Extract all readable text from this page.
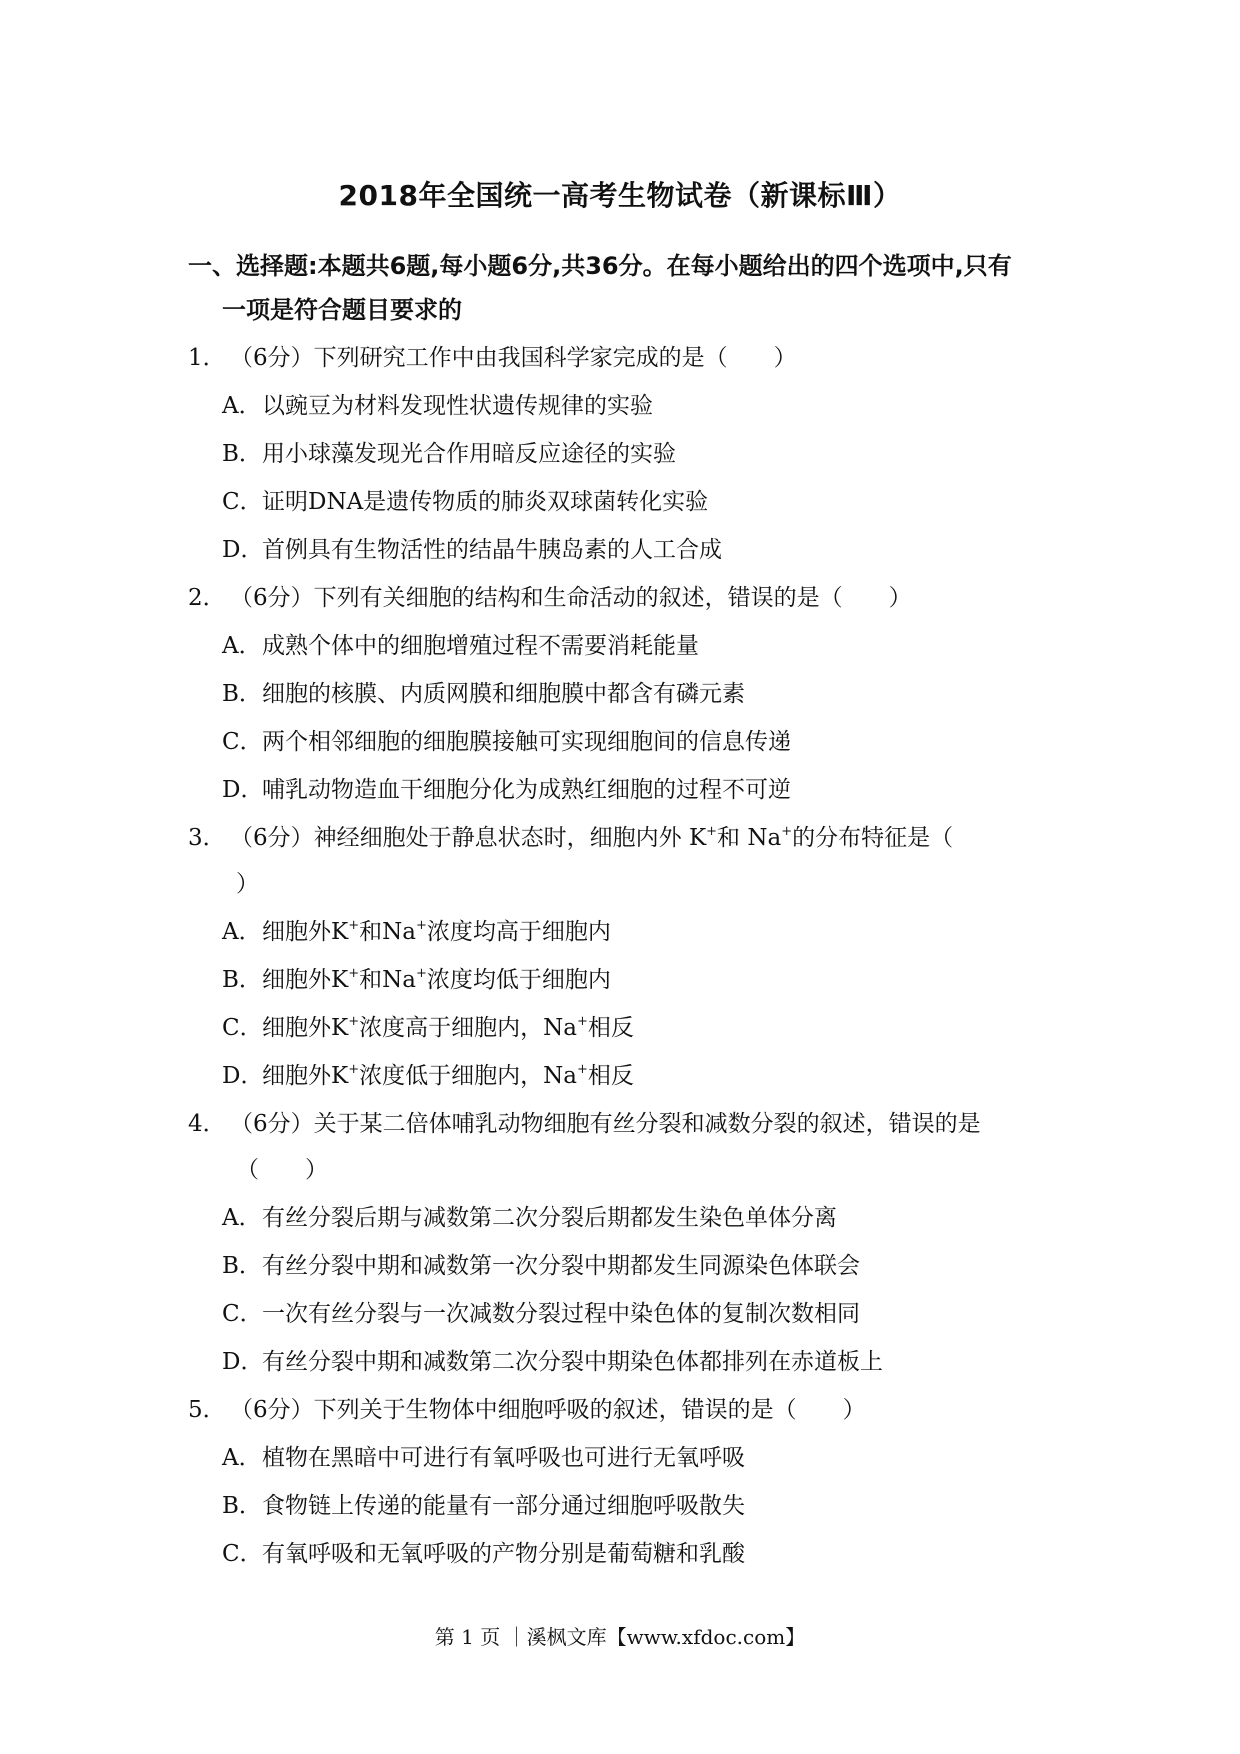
2018年全国统一高考生物试卷（新课标Ⅲ）
一、选择题:本题共6题,每小题6分,共36分。在每小题给出的四个选项中,只有
一项是符合题目要求的
1． （6分）下列研究工作中由我国科学家完成的是（　　）
A．以豌豆为材料发现性状遗传规律的实验
B．用小球藻发现光合作用暗反应途径的实验
C．证明DNA是遗传物质的肺炎双球菌转化实验
D．首例具有生物活性的结晶牛胰岛素的人工合成
2． （6分）下列有关细胞的结构和生命活动的叙述，错误的是（　　）
A．成熟个体中的细胞增殖过程不需要消耗能量
B．细胞的核膜、内质网膜和细胞膜中都含有磷元素
C．两个相邻细胞的细胞膜接触可实现细胞间的信息传递
D．哺乳动物造血干细胞分化为成熟红细胞的过程不可逆
3． （6分）神经细胞处于静息状态时，细胞内外 K+和 Na+的分布特征是（
）
A．细胞外K+和Na+浓度均高于细胞内
B．细胞外K+和Na+浓度均低于细胞内
C．细胞外K+浓度高于细胞内，Na+相反
D．细胞外K+浓度低于细胞内，Na+相反
4． （6分）关于某二倍体哺乳动物细胞有丝分裂和减数分裂的叙述，错误的是
（　　）
A．有丝分裂后期与减数第二次分裂后期都发生染色单体分离
B．有丝分裂中期和减数第一次分裂中期都发生同源染色体联会
C．一次有丝分裂与一次减数分裂过程中染色体的复制次数相同
D．有丝分裂中期和减数第二次分裂中期染色体都排列在赤道板上
5． （6分）下列关于生物体中细胞呼吸的叙述，错误的是（　　）
A．植物在黑暗中可进行有氧呼吸也可进行无氧呼吸
B．食物链上传递的能量有一部分通过细胞呼吸散失
C．有氧呼吸和无氧呼吸的产物分别是葡萄糖和乳酸
第 1 页 ｜溪枫文库【www.xfdoc.com】
